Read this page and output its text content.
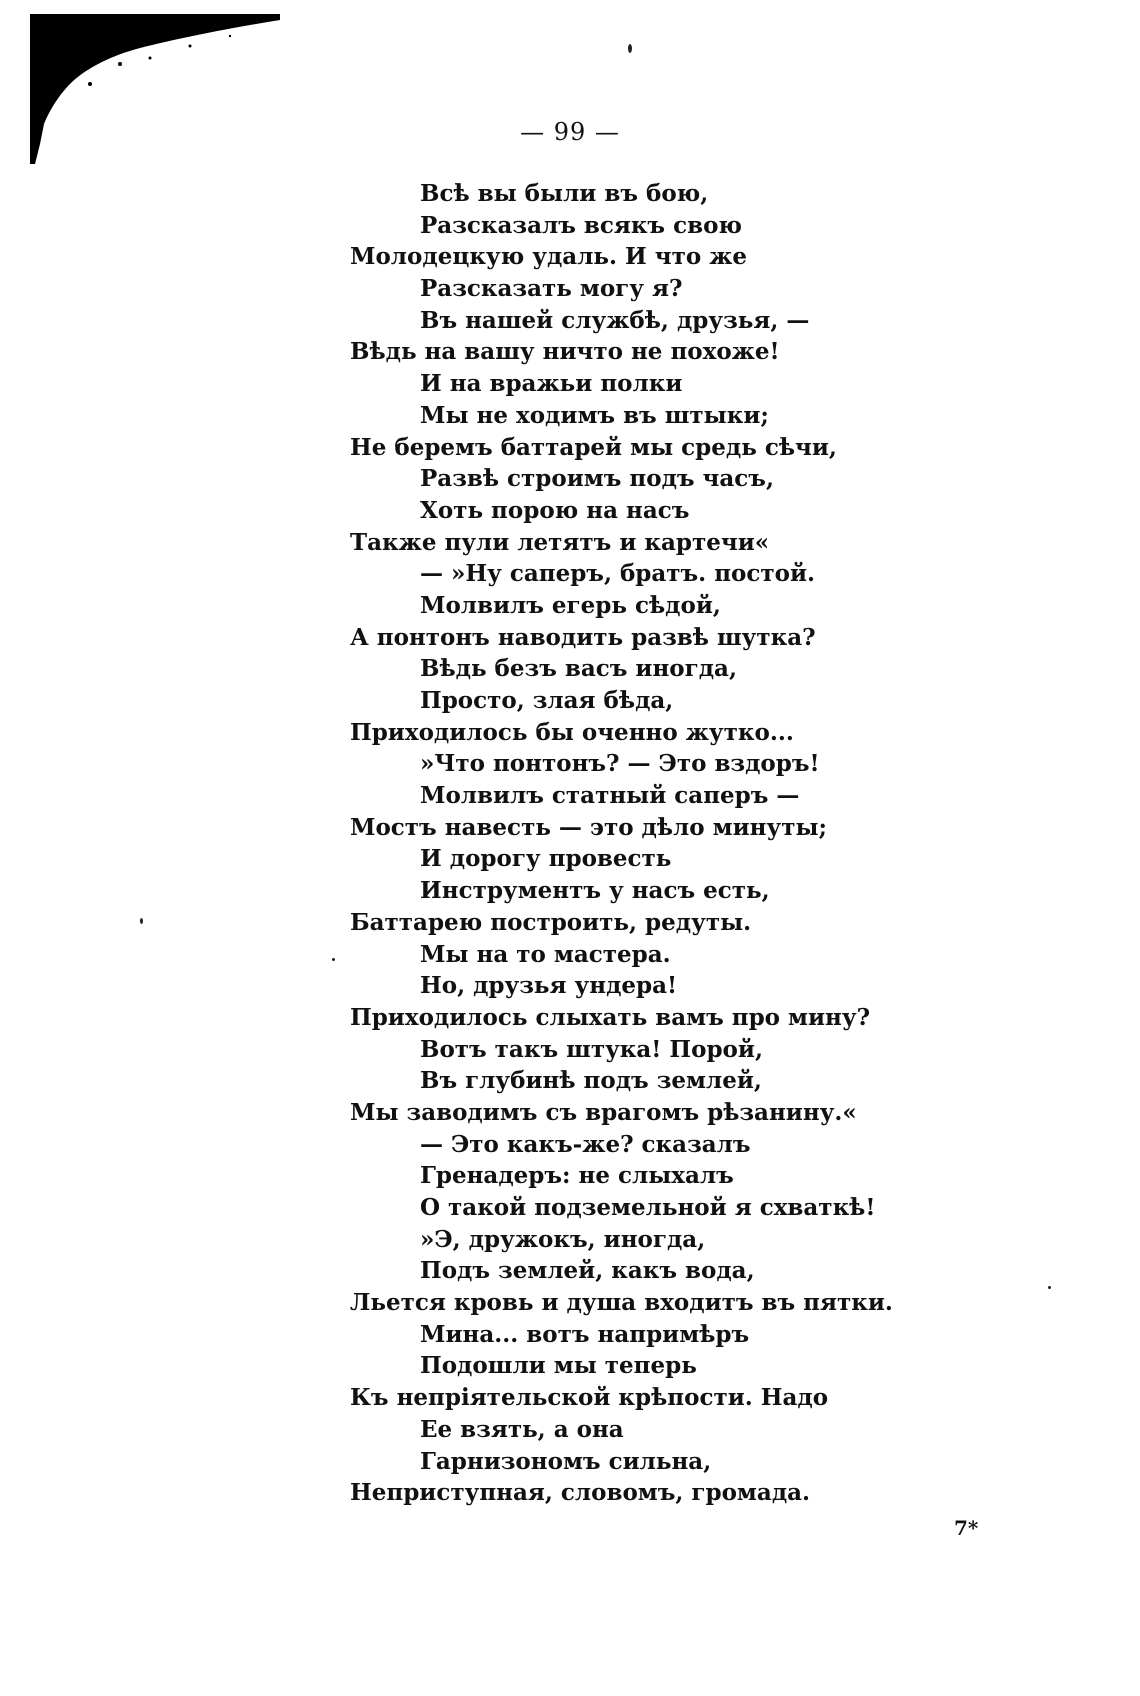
— 99 —
Всѣ вы были въ бою,
Разсказалъ всякъ свою
Молодецкую удаль. И что же
Разсказать могу я?
Въ нашей службѣ, друзья, —
Вѣдь на вашу ничто не похоже!
И на вражьи полки
Мы не ходимъ въ штыки;
Не беремъ баттарей мы средь сѣчи,
Развѣ строимъ подъ часъ,
Хоть порою на насъ
Также пули летятъ и картечи«
— »Ну саперъ, братъ. постой.
Молвилъ егерь сѣдой,
А понтонъ наводить развѣ шутка?
Вѣдь безъ васъ иногда,
Просто, злая бѣда,
Приходилось бы оченно жутко...
»Что понтонъ? — Это вздоръ!
Молвилъ статный саперъ —
Мостъ навесть — это дѣло минуты;
И дорогу провесть
Инструментъ у насъ есть,
Баттарею построить, редуты.
Мы на то мастера.
Но, друзья ундера!
Приходилось слыхать вамъ про мину?
Вотъ такъ штука! Порой,
Въ глубинѣ подъ землей,
Мы заводимъ съ врагомъ рѣзанину.«
— Это какъ-же? сказалъ
Гренадеръ: не слыхалъ
О такой подземельной я схваткѣ!
»Э, дружокъ, иногда,
Подъ землей, какъ вода,
Льется кровь и душа входитъ въ пятки.
Мина... вотъ напримѣръ
Подошли мы теперь
Къ непріятельской крѣпости. Надо
Ее взять, а она
Гарнизономъ сильна,
Неприступная, словомъ, громада.
7*
